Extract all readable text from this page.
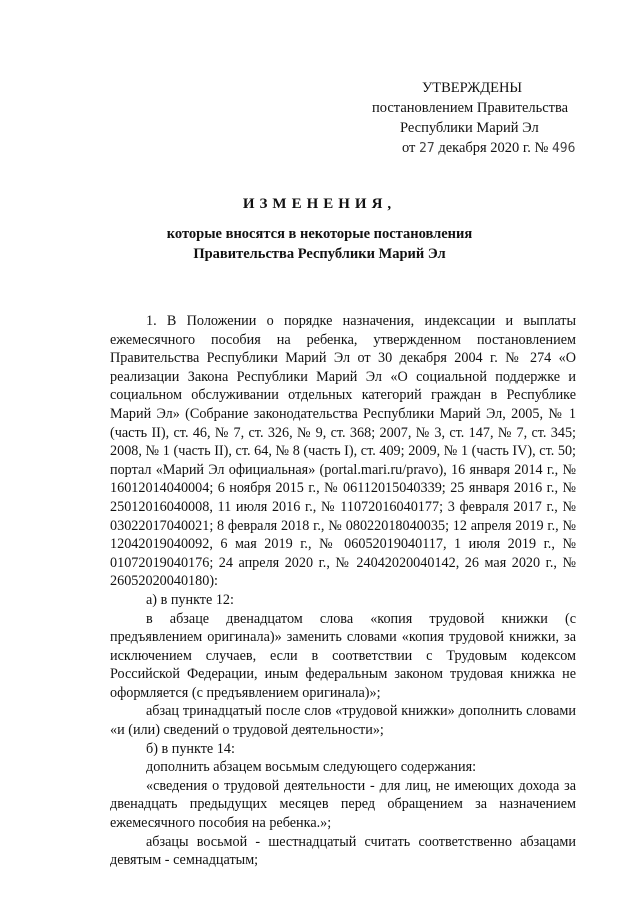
УТВЕРЖДЕНЫ
постановлением Правительства
Республики Марий Эл
от 27 декабря 2020 г. № 496
ИЗМЕНЕНИЯ,
которые вносятся в некоторые постановления
Правительства Республики Марий Эл

1. В Положении о порядке назначения, индексации и выплаты ежемесячного пособия на ребенка, утвержденном постановлением Правительства Республики Марий Эл от 30 декабря 2004 г. № 274 «О реализации Закона Республики Марий Эл «О социальной поддержке и социальном обслуживании отдельных категорий граждан в Республике Марий Эл» (Собрание законодательства Республики Марий Эл, 2005, № 1 (часть II), ст. 46, № 7, ст. 326, № 9, ст. 368; 2007, № 3, ст. 147, № 7, ст. 345; 2008, № 1 (часть II), ст. 64, № 8 (часть I), ст. 409; 2009, № 1 (часть IV), ст. 50; портал «Марий Эл официальная» (portal.mari.ru/pravo), 16 января 2014 г., № 16012014040004; 6 ноября 2015 г., № 06112015040339; 25 января 2016 г., № 25012016040008, 11 июля 2016 г., № 11072016040177; 3 февраля 2017 г., № 03022017040021; 8 февраля 2018 г., № 08022018040035; 12 апреля 2019 г., № 12042019040092, 6 мая 2019 г., № 06052019040117, 1 июля 2019 г., № 01072019040176; 24 апреля 2020 г., № 24042020040142, 26 мая 2020 г., № 26052020040180):

а) в пункте 12:

в абзаце двенадцатом слова «копия трудовой книжки (с предъявлением оригинала)» заменить словами «копия трудовой книжки, за исключением случаев, если в соответствии с Трудовым кодексом Российской Федерации, иным федеральным законом трудовая книжка не оформляется (с предъявлением оригинала)»;

абзац тринадцатый после слов «трудовой книжки» дополнить словами «и (или) сведений о трудовой деятельности»;

б) в пункте 14:

дополнить абзацем восьмым следующего содержания:

«сведения о трудовой деятельности - для лиц, не имеющих дохода за двенадцать предыдущих месяцев перед обращением за назначением ежемесячного пособия на ребенка.»;

абзацы восьмой - шестнадцатый считать соответственно абзацами девятым - семнадцатым;
